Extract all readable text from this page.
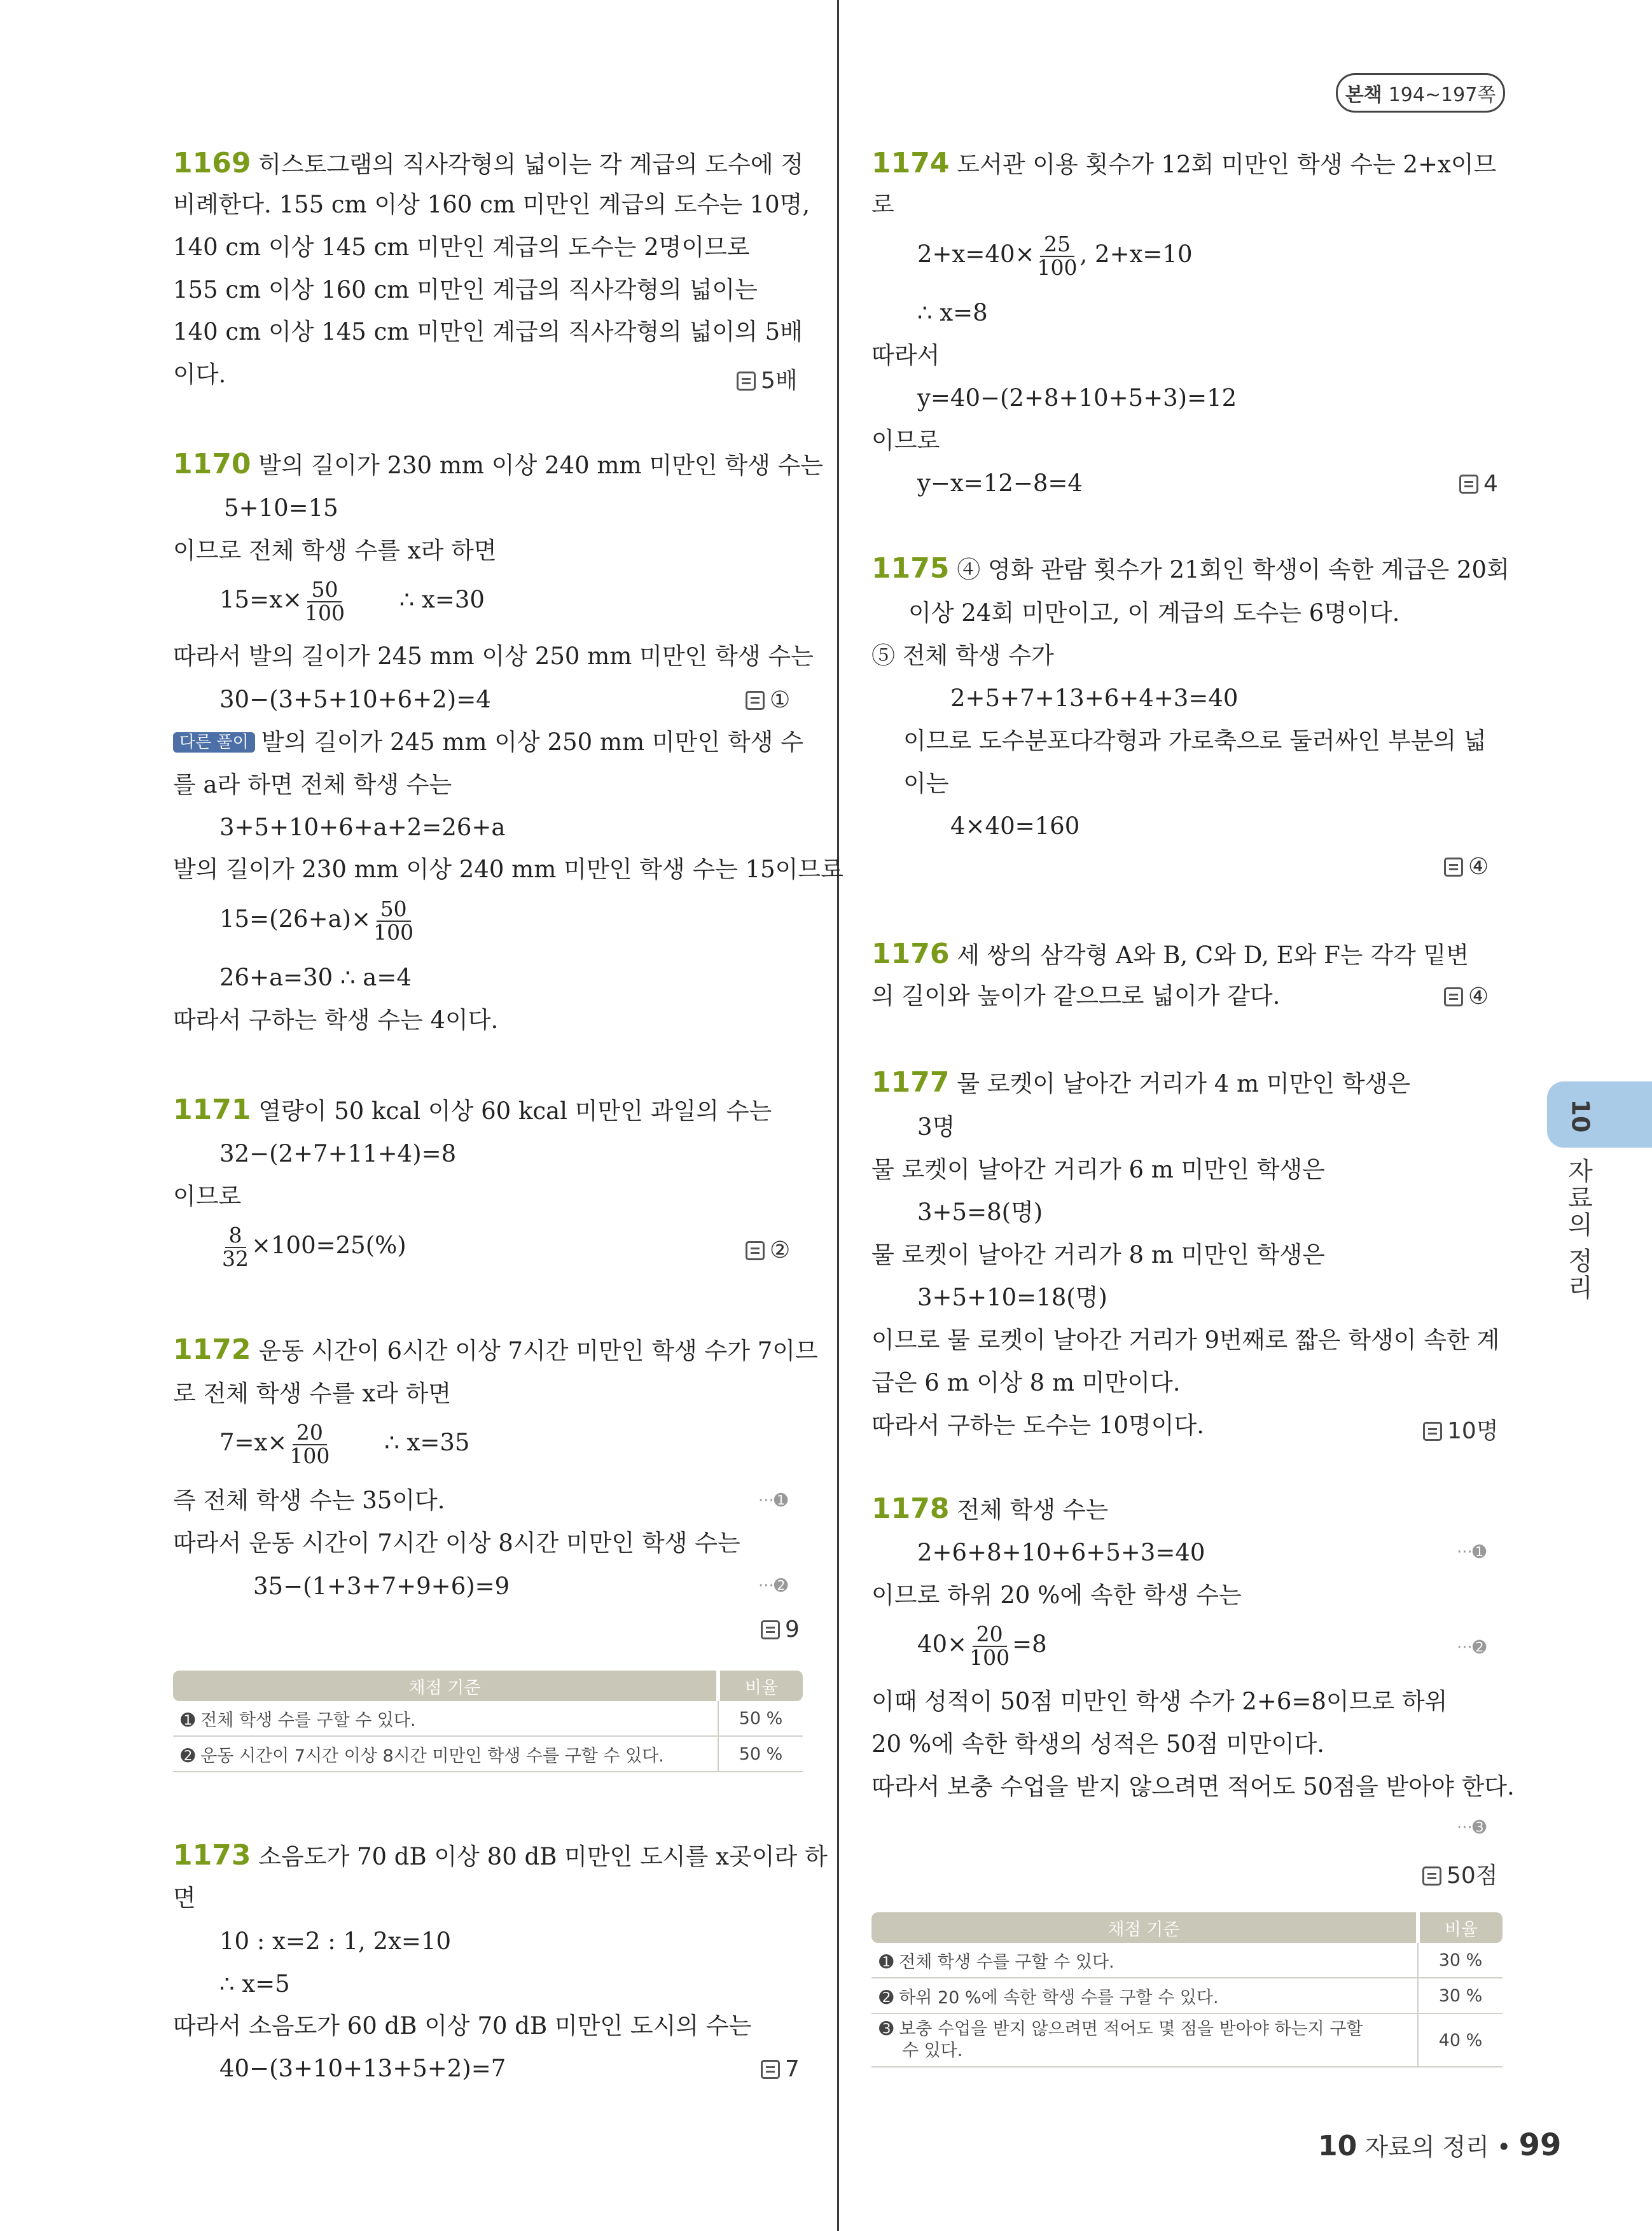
본책 194~197쪽
10
자료의 정리
1169 히스토그램의 직사각형의 넓이는 각 계급의 도수에 정
비례한다. 155 cm 이상 160 cm 미만인 계급의 도수는 10명,
140 cm 이상 145 cm 미만인 계급의 도수는 2명이므로
155 cm 이상 160 cm 미만인 계급의 직사각형의 넓이는
140 cm 이상 145 cm 미만인 계급의 직사각형의 넓이의 5배
이다.	5배
1170 발의 길이가 230 mm 이상 240 mm 미만인 학생 수는
5+10=15
이므로 전체 학생 수를 x라 하면
$15=x\times \frac{50}{100}$ ∴ x=30
따라서 발의 길이가 245 mm 이상 250 mm 미만인 학생 수는
30−(3+5+10+6+2)=4	①
다른 풀이 발의 길이가 245 mm 이상 250 mm 미만인 학생 수
를 a라 하면 전체 학생 수는
3+5+10+6+a+2=26+a
발의 길이가 230 mm 이상 240 mm 미만인 학생 수는 15이므로
$15=(26+a)\times \frac{50}{100}$
26+a=30 ∴ a=4
따라서 구하는 학생 수는 4이다.
1171 열량이 50 kcal 이상 60 kcal 미만인 과일의 수는
32−(2+7+11+4)=8
이므로
$\frac{8}{32} \times 100=25(\%)$	②
1172 운동 시간이 6시간 이상 7시간 미만인 학생 수가 7이므
로 전체 학생 수를 x라 하면
$7=x\times \frac{20}{100}$ ∴ x=35
즉 전체 학생 수는 35이다.	···➊
따라서 운동 시간이 7시간 이상 8시간 미만인 학생 수는
35−(1+3+7+9+6)=9	···➋
9
채점 기준	비율
➊ 전체 학생 수를 구할 수 있다.	50 %
➋ 운동 시간이 7시간 이상 8시간 미만인 학생 수를 구할 수 있다.	50 %
1173 소음도가 70 dB 이상 80 dB 미만인 도시를 x곳이라 하
면
10 : x=2 : 1, 2x=10
∴ x=5
따라서 소음도가 60 dB 이상 70 dB 미만인 도시의 수는
40−(3+10+13+5+2)=7	7
1174 도서관 이용 횟수가 12회 미만인 학생 수는 2+x이므
로
$2+x=40\times \frac{25}{100}$ , 2+x=10
∴ x=8
따라서
y=40−(2+8+10+5+3)=12
이므로
y−x=12−8=4	4
1175 ④ 영화 관람 횟수가 21회인 학생이 속한 계급은 20회
이상 24회 미만이고, 이 계급의 도수는 6명이다.
⑤ 전체 학생 수가
2+5+7+13+6+4+3=40
이므로 도수분포다각형과 가로축으로 둘러싸인 부분의 넓
이는
4×40=160
④
1176 세 쌍의 삼각형 A와 B, C와 D, E와 F는 각각 밑변
의 길이와 높이가 같으므로 넓이가 같다.	④
1177 물 로켓이 날아간 거리가 4 m 미만인 학생은
3명
물 로켓이 날아간 거리가 6 m 미만인 학생은
3+5=8(명)
물 로켓이 날아간 거리가 8 m 미만인 학생은
3+5+10=18(명)
이므로 물 로켓이 날아간 거리가 9번째로 짧은 학생이 속한 계
급은 6 m 이상 8 m 미만이다.
따라서 구하는 도수는 10명이다.	10명
1178 전체 학생 수는
2+6+8+10+6+5+3=40	···➊
이므로 하위 20 %에 속한 학생 수는
$40\times \frac{20}{100} =8$	···➋
이때 성적이 50점 미만인 학생 수가 2+6=8이므로 하위
20 %에 속한 학생의 성적은 50점 미만이다.
따라서 보충 수업을 받지 않으려면 적어도 50점을 받아야 한다.
···➌
50점
채점 기준	비율
➊ 전체 학생 수를 구할 수 있다.	30 %
➋ 하위 20 %에 속한 학생 수를 구할 수 있다.	30 %
➌ 보충 수업을 받지 않으려면 적어도 몇 점을 받아야 하는지 구할
수 있다.	40 %
10 자료의 정리 • 99
